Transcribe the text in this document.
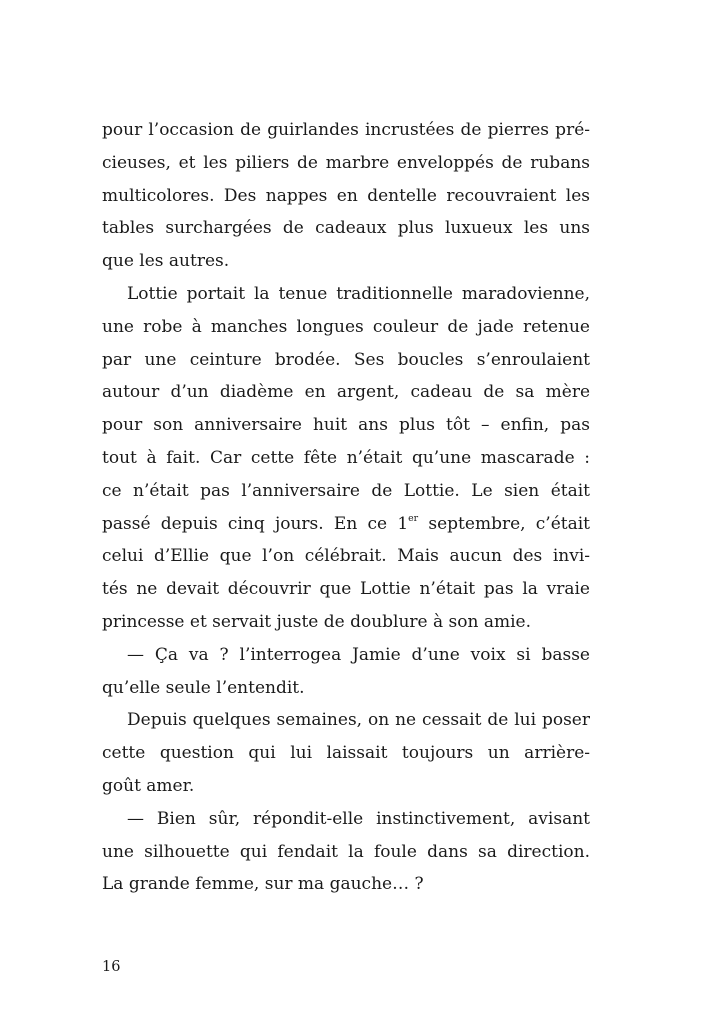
pour l’occasion de guirlandes incrustées de pierres pré-
cieuses, et les piliers de marbre enveloppés de rubans
multicolores. Des nappes en dentelle recouvraient les
tables surchargées de cadeaux plus luxueux les uns
que les autres.
Lottie portait la tenue traditionnelle maradovienne,
une robe à manches longues couleur de jade retenue
par une ceinture brodée. Ses boucles s’enroulaient
autour d’un diadème en argent, cadeau de sa mère
pour son anniversaire huit ans plus tôt – enfin, pas
tout à fait. Car cette fête n’était qu’une mascarade :
ce n’était pas l’anniversaire de Lottie. Le sien était
passé depuis cinq jours. En ce 1er septembre, c’était
celui d’Ellie que l’on célébrait. Mais aucun des invi-
tés ne devait découvrir que Lottie n’était pas la vraie
princesse et servait juste de doublure à son amie.
— Ça va ? l’interrogea Jamie d’une voix si basse
qu’elle seule l’entendit.
Depuis quelques semaines, on ne cessait de lui poser
cette question qui lui laissait toujours un arrière-
goût amer.
— Bien sûr, répondit-elle instinctivement, avisant
une silhouette qui fendait la foule dans sa direction.
La grande femme, sur ma gauche… ?
16
